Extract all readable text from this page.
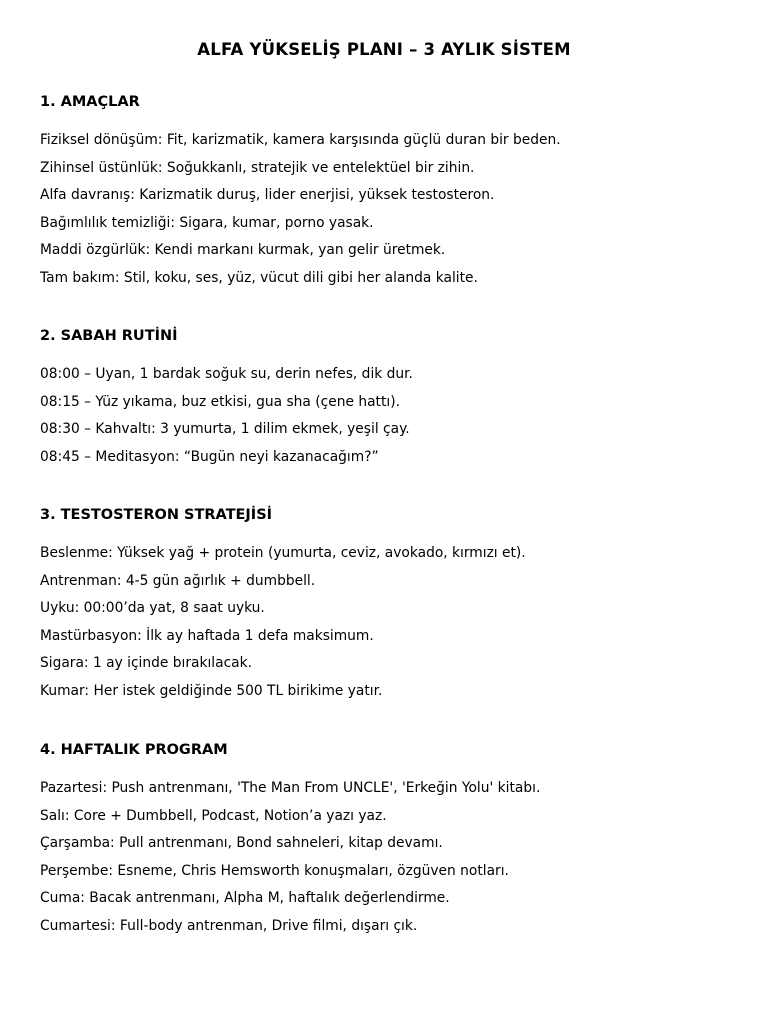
ALFA YÜKSELİŞ PLANI – 3 AYLIK SİSTEM
1. AMAÇLAR
Fiziksel dönüşüm: Fit, karizmatik, kamera karşısında güçlü duran bir beden.
Zihinsel üstünlük: Soğukkanlı, stratejik ve entelektüel bir zihin.
Alfa davranış: Karizmatik duruş, lider enerjisi, yüksek testosteron.
Bağımlılık temizliği: Sigara, kumar, porno yasak.
Maddi özgürlük: Kendi markanı kurmak, yan gelir üretmek.
Tam bakım: Stil, koku, ses, yüz, vücut dili gibi her alanda kalite.
2. SABAH RUTİNİ
08:00 – Uyan, 1 bardak soğuk su, derin nefes, dik dur.
08:15 – Yüz yıkama, buz etkisi, gua sha (çene hattı).
08:30 – Kahvaltı: 3 yumurta, 1 dilim ekmek, yeşil çay.
08:45 – Meditasyon: “Bugün neyi kazanacağım?”
3. TESTOSTERON STRATEJİSİ
Beslenme: Yüksek yağ + protein (yumurta, ceviz, avokado, kırmızı et).
Antrenman: 4-5 gün ağırlık + dumbbell.
Uyku: 00:00’da yat, 8 saat uyku.
Mastürbasyon: İlk ay haftada 1 defa maksimum.
Sigara: 1 ay içinde bırakılacak.
Kumar: Her istek geldiğinde 500 TL birikime yatır.
4. HAFTALIK PROGRAM
Pazartesi: Push antrenmanı, 'The Man From UNCLE', 'Erkeğin Yolu' kitabı.
Salı: Core + Dumbbell, Podcast, Notion’a yazı yaz.
Çarşamba: Pull antrenmanı, Bond sahneleri, kitap devamı.
Perşembe: Esneme, Chris Hemsworth konuşmaları, özgüven notları.
Cuma: Bacak antrenmanı, Alpha M, haftalık değerlendirme.
Cumartesi: Full-body antrenman, Drive filmi, dışarı çık.
